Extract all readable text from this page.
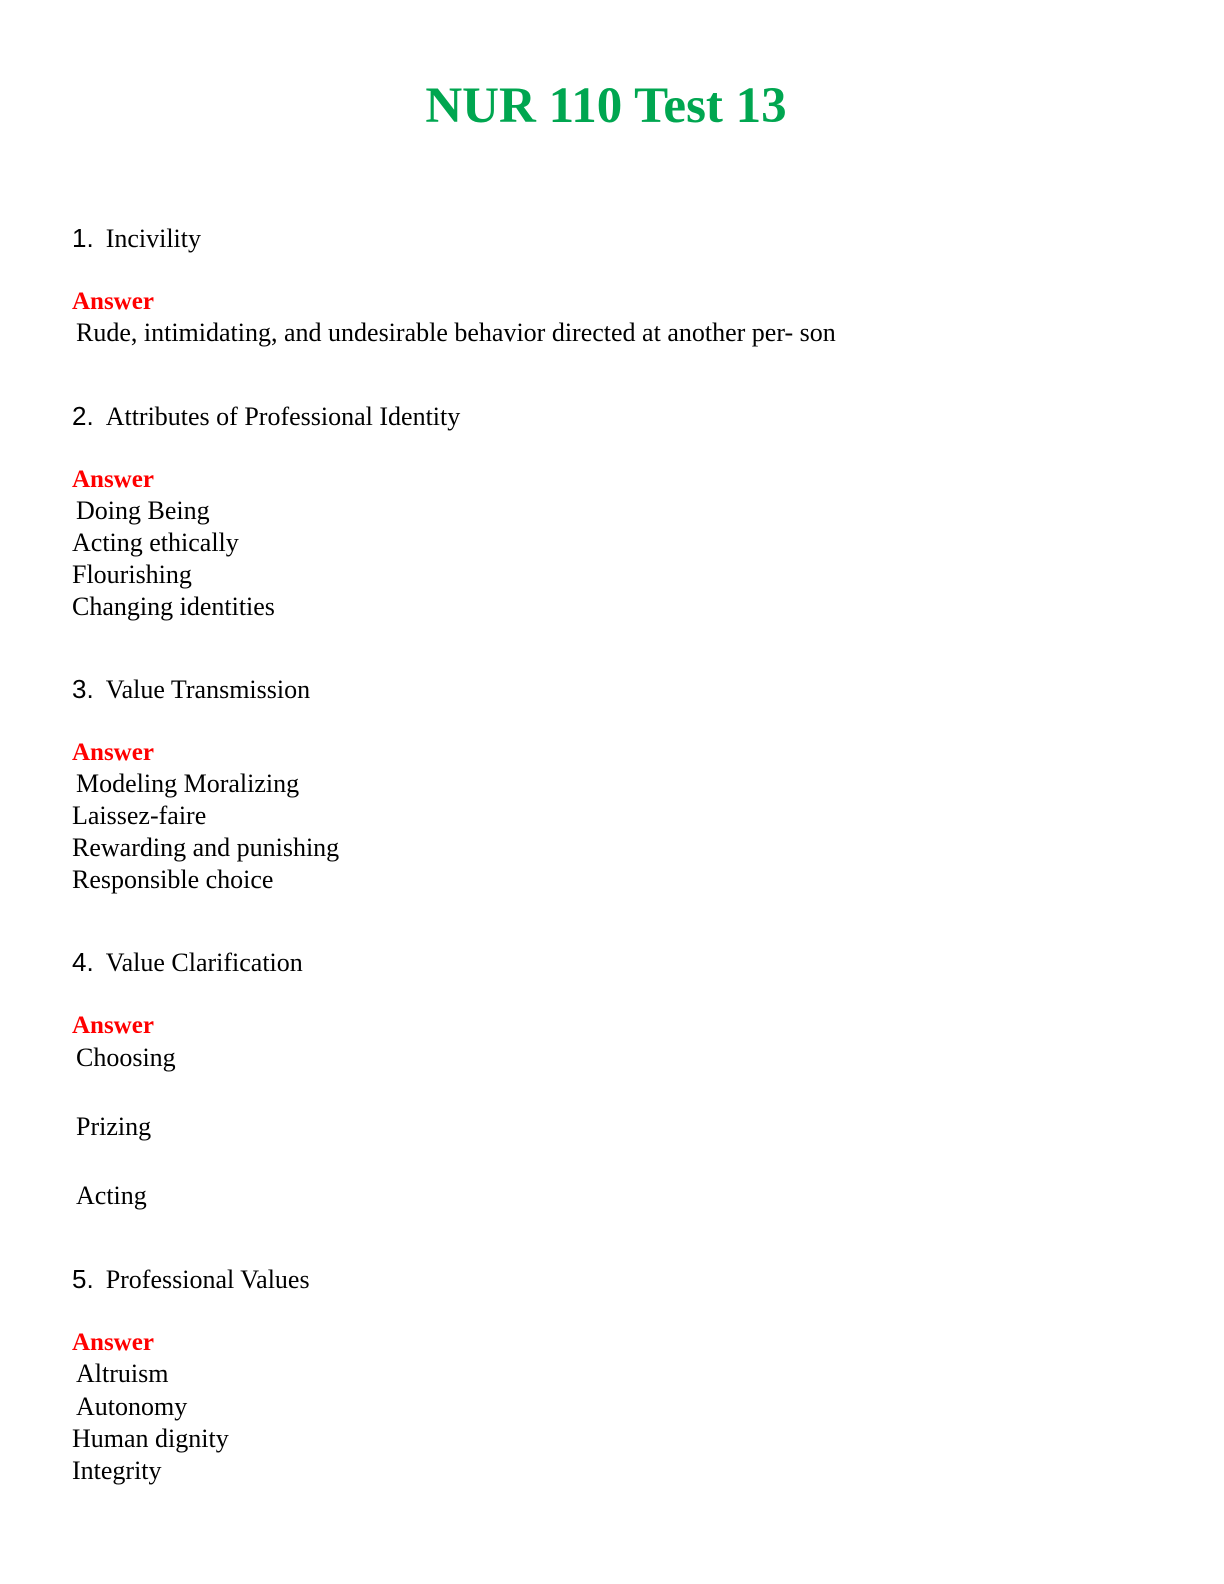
NUR 110 Test 13
1. Incivility
Answer
Rude, intimidating, and undesirable behavior directed at another per- son
2. Attributes of Professional Identity
Answer
Doing Being
Acting ethically
Flourishing
Changing identities
3. Value Transmission
Answer
Modeling Moralizing
Laissez-faire
Rewarding and punishing
Responsible choice
4. Value Clarification
Answer
Choosing
Prizing
Acting
5. Professional Values
Answer
Altruism
Autonomy
Human dignity
Integrity
